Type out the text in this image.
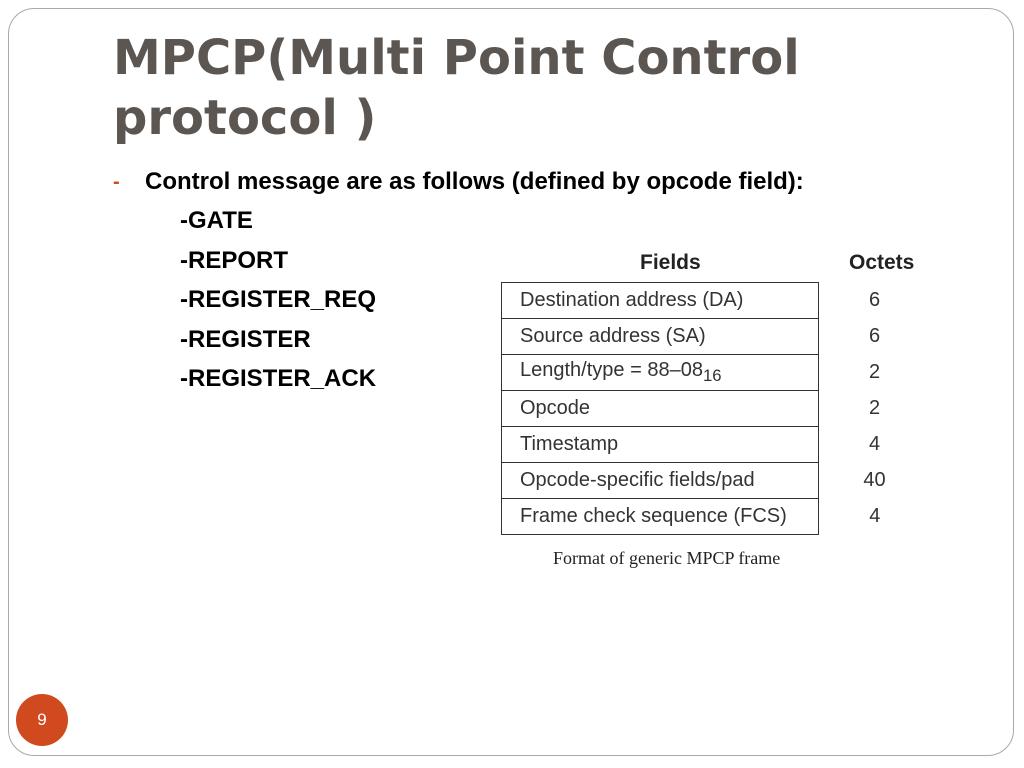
MPCP(Multi Point Control
protocol )
- Control message are as follows (defined by opcode field):
-GATE
-REPORT
-REGISTER_REQ
-REGISTER
-REGISTER_ACK
Fields	Octets
Destination address (DA)	6
Source address (SA)	6
Length/type = $88-08_{16}$	2
Opcode	2
Timestamp	4
Opcode-specific fields/pad	40
Frame check sequence (FCS)	4
Format of generic MPCP frame
9
